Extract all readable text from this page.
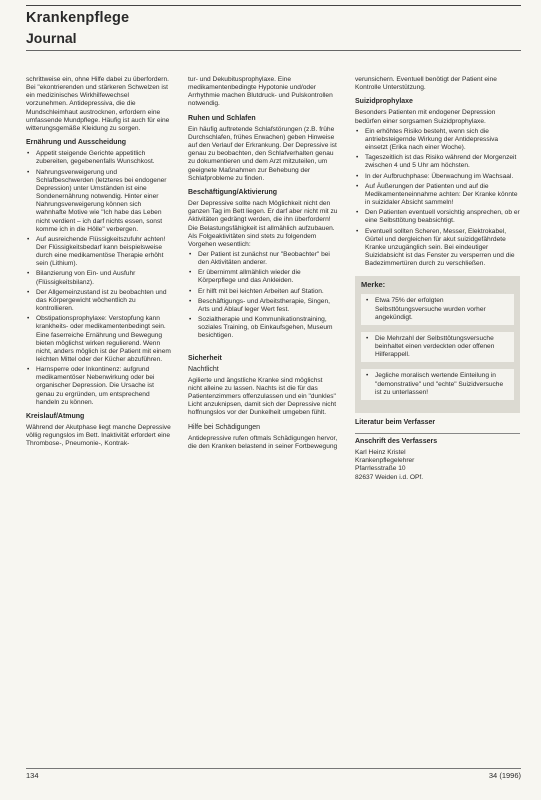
Krankenpflege
Journal

schrittweise ein, ohne Hilfe dabei zu überfordern. Bei "ekontrierenden und stärkeren Schwelzen ist ein medizinisches Wirkhilfewechsel vorzunehmen. Antidepressiva, die die Mundschleimhaut austrocknen, erfordern eine umfassende Mundpflege. Häufig ist auch für eine witterungsgemäße Kleidung zu sorgen.

Ernährung und Ausscheidung
• Appetit steigende Gerichte appetitlich zubereiten, gegebenenfalls Wunschkost.
• Nahrungsverweigerung und Schlafbeschwerden (letzteres bei endogener Depression) unter Umständen ist eine Sondenernährung notwendig. Hinter einer Nahrungsverweigerung können sich wahnhafte Motive wie "Ich habe das Leben nicht verdient – ich darf nichts essen, sonst komme ich in die Hölle" verbergen.
• Auf ausreichende Flüssigkeitszufuhr achten! Der Flüssigkeitsbedarf kann beispielsweise durch eine medikamentöse Therapie erhöht sein (Lithium).
• Bilanzierung von Ein- und Ausfuhr (Flüssigkeitsbilanz).
• Der Allgemeinzustand ist zu beobachten und das Körpergewicht wöchentlich zu kontrollieren.
• Obstipationsprophylaxe: Verstopfung kann krankheits- oder medikamentenbedingt sein. Eine faserreiche Ernährung und Bewegung bieten möglichst wirken regulierend. Wenn nicht, anders möglich ist der Patient mit einem leichten Mittel oder der Kücher abzuführen.
• Harnsperre oder Inkontinenz: aufgrund medikamentöser Nebenwirkung oder bei organischer Depression. Die Ursache ist genau zu ergründen, um entsprechend handeln zu können.
Kreislauf/Atmung

Während der Akutphase liegt manche Depressive völlig regungslos im Bett. Inaktivität erfordert eine Thrombose-, Pneumonie-, Kontrak-

tur- und Dekubitusprophylaxe. Eine medikamentenbedingte Hypotonie und/oder Arrhythmie machen Blutdruck- und Pulskontrollen notwendig.

Ruhen und Schlafen

Ein häufig auftretende Schlafstörungen (z.B. frühe Durchschlafen, frühes Erwachen) geben Hinweise auf den Verlauf der Erkrankung. Der Depressive ist genau zu beobachten, den Schlafverhalten genau zu dokumentieren und dem Arzt mitzuteilen, um geeignete Maßnahmen zur Behebung der Schlafprobleme zu finden.

Beschäftigung/Aktivierung

Der Depressive sollte nach Möglichkeit nicht den ganzen Tag im Bett liegen. Er darf aber nicht mit zu Aktivitäten gedrängt werden, die ihn überfordern! Die Belastungsfähigkeit ist allmählich aufzubauen. Als Folgeaktivitäten sind stets zu folgendem Vorgehen wesentlich:

• Der Patient ist zunächst nur "Beobachter" bei den Aktivitäten anderer.
• Er übernimmt allmählich wieder die Körperpflege und das Ankleiden.
• Er hilft mit bei leichten Arbeiten auf Station.
• Beschäftigungs- und Arbeitstherapie, Singen, Arts und Ablauf leger Wert fest.
• Sozialtherapie und Kommunikationstraining, soziales Training, ob Einkaufsgehen, Museum besichtigen.
Sicherheit
Nachtlicht

Agilierte und ängstliche Kranke sind möglichst nicht alleine zu lassen. Nachts ist die für das Patientenzimmers offenzulassen und ein "dunkles" Licht anzuknipsen, damit sich der Depressive nicht hoffnungslos vor der Dunkelheit umgeben fühlt.

Hilfe bei Schädigungen

Antidepressive rufen oftmals Schädigungen hervor, die den Kranken belastend in seiner Fortbewegung

verunsichern. Eventuell benötigt der Patient eine Kontrolle Unterstützung.

Suizidprophylaxe

Besonders Patienten mit endogener Depression bedürfen einer sorgsamen Suizidprophylaxe.

• Ein erhöhtes Risiko besteht, wenn sich die antriebsteigernde Wirkung der Antidepressiva einsetzt (Erika nach einer Woche).
• Tageszeitlich ist das Risiko während der Morgenzeit zwischen 4 und 5 Uhr am höchsten.
• In der Aufbruchphase: Überwachung im Wachsaal.
• Auf Äußerungen der Patienten und auf die Medikamenteneinnahme achten: Der Kranke könnte in suizidaler Absicht sammeln!
• Den Patienten eventuell vorsichtig ansprechen, ob er eine Selbsttötung beabsichtigt.
• Eventuell sollten Scheren, Messer, Elektrokabel, Gürtel und dergleichen für akut suizidgefährdete Kranke unzugänglich sein. Bei eindeutiger Suizidabsicht ist das Fenster zu versperren und die Badezimmertüren durch zu verschließen.
Merke:
• Etwa 75% der erfolgten Selbsttötungsversuche wurden vorher angekündigt.
• Die Mehrzahl der Selbsttötungsversuche beinhaltet einen verdeckten oder offenen Hilferappell.
• Jegliche moralisch wertende Einteilung in "demonstrative" und "echte" Suizidversuche ist zu unterlassen!
Literatur beim Verfasser
Anschrift des Verfassers
Karl Heinz Kristel
Krankenpflegelehrer
Pfarrlesstraße 10
82637 Weiden i.d. OPf.
134	34 (1996)
